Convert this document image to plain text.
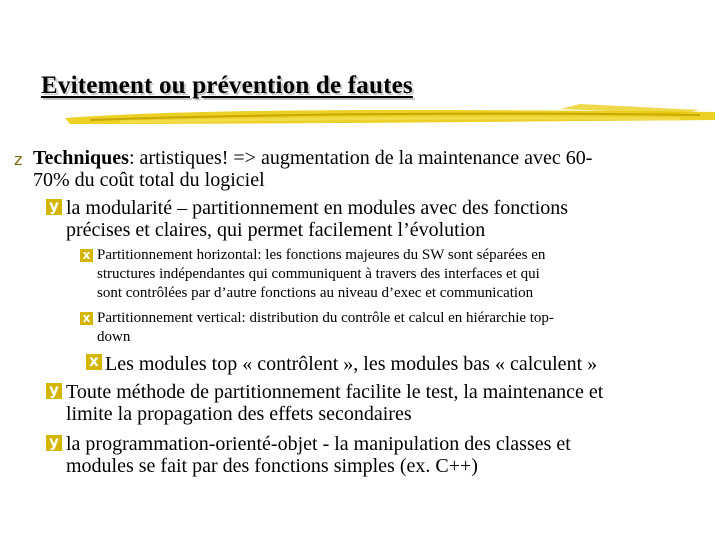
Evitement ou prévention de fautes
z Techniques: artistiques! => augmentation de la maintenance avec 60-
70% du coût total du logiciel
y la modularité – partitionnement en modules avec des fonctions
précises et claires, qui permet facilement l’évolution
x Partitionnement horizontal: les fonctions majeures du SW sont séparées en
structures indépendantes qui communiquent à travers des interfaces et qui
sont contrôlées par d’autre fonctions au niveau d’exec et communication
x Partitionnement vertical: distribution du contrôle et calcul en hiérarchie top-
down
x Les modules top « contrôlent », les modules bas « calculent »
y Toute méthode de partitionnement facilite le test, la maintenance et
limite la propagation des effets secondaires
y la programmation-orienté-objet - la manipulation des classes et
modules se fait par des fonctions simples (ex. C++)
